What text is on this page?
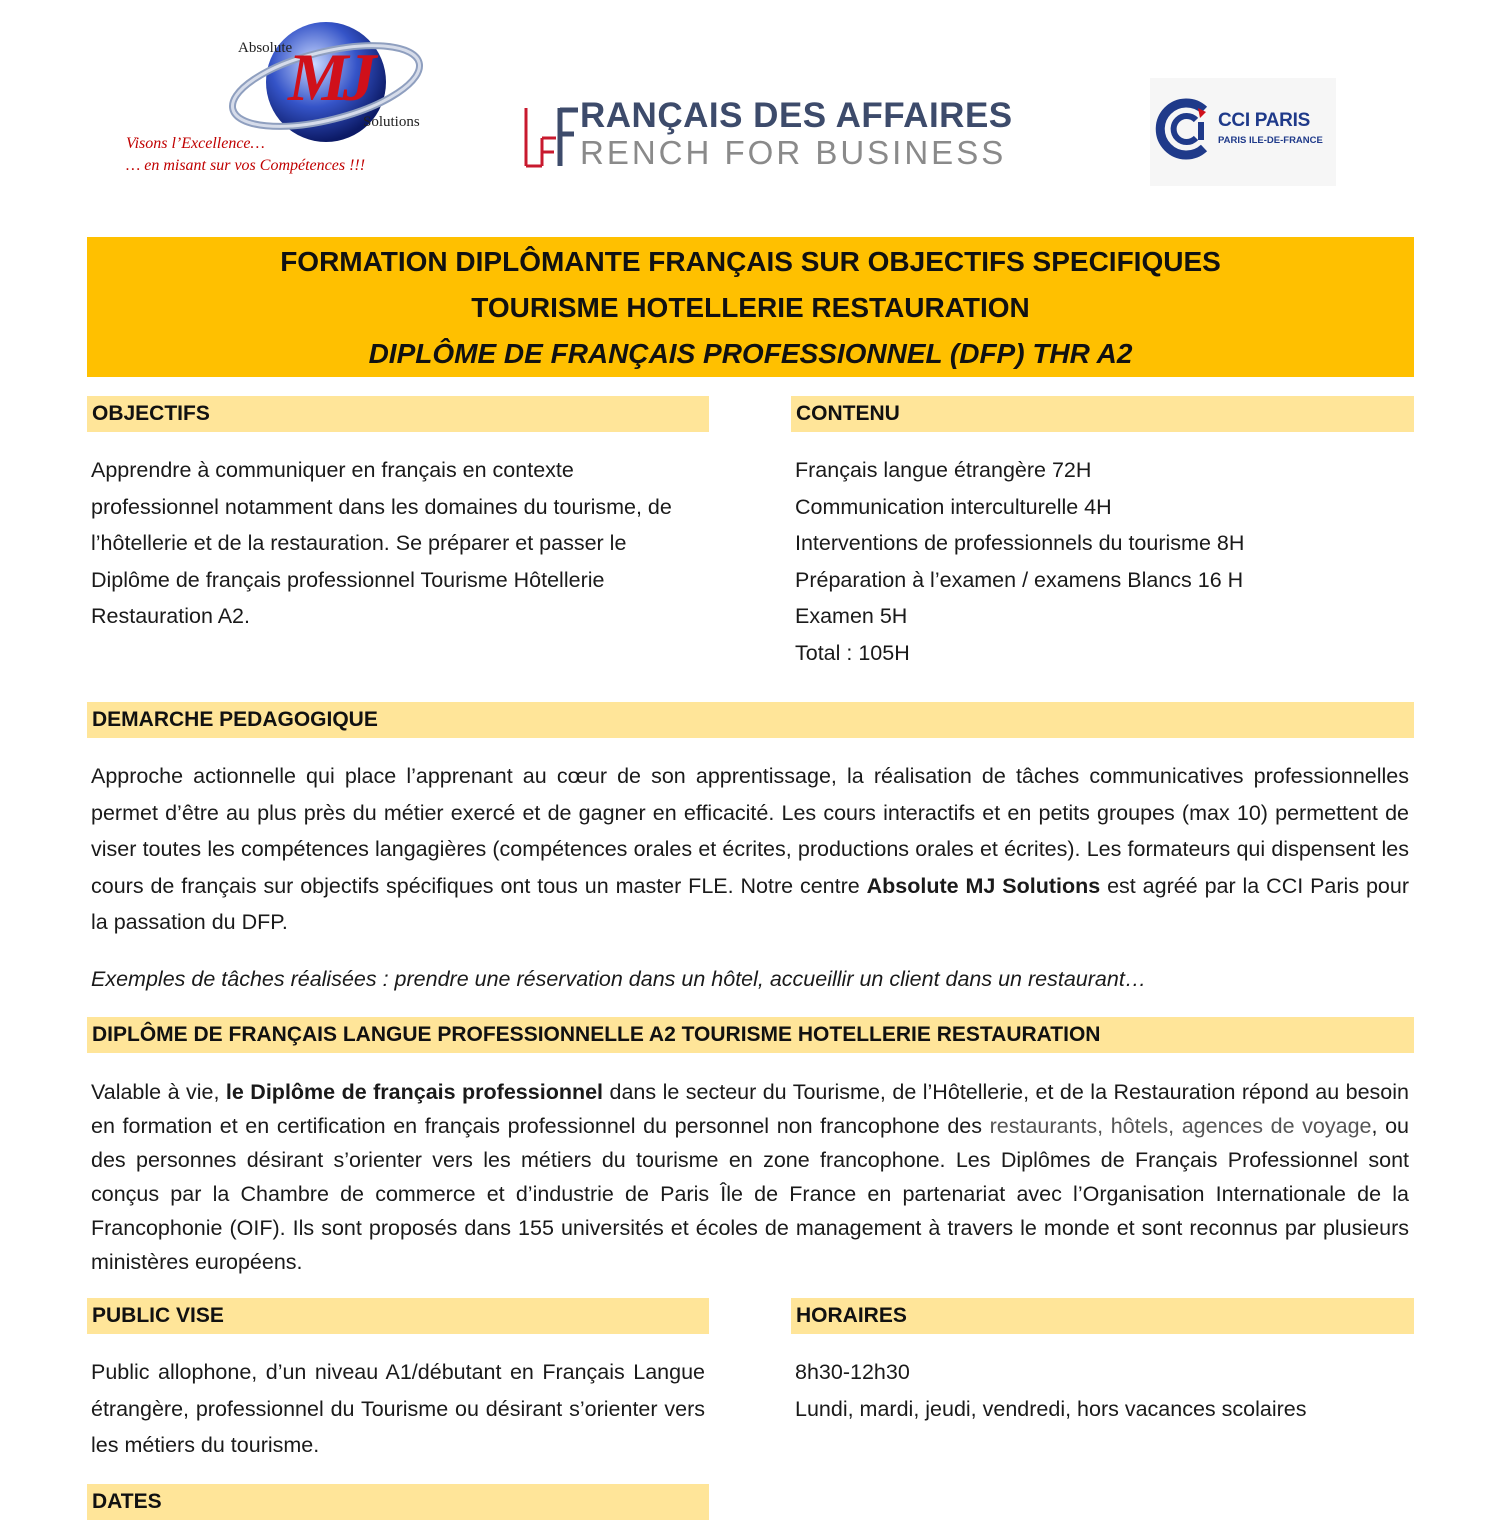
Absolute
MJ
Solutions
Visons l’Excellence…
… en misant sur vos Compétences !!!
RANÇAIS DES AFFAIRES
RENCH FOR BUSINESS
CCI PARIS
PARIS ILE-DE-FRANCE
FORMATION DIPLÔMANTE FRANÇAIS SUR OBJECTIFS SPECIFIQUES
TOURISME HOTELLERIE RESTAURATION
DIPLÔME DE FRANÇAIS PROFESSIONNEL (DFP) THR A2
OBJECTIFS	CONTENU
Apprendre à communiquer en français en contexte professionnel notamment dans les domaines du tourisme, de l’hôtellerie et de la restauration. Se préparer et passer le Diplôme de français professionnel Tourisme Hôtellerie Restauration A2.
Français langue étrangère 72H
Communication interculturelle 4H
Interventions de professionnels du tourisme 8H
Préparation à l’examen / examens Blancs 16 H
Examen 5H
Total : 105H
DEMARCHE PEDAGOGIQUE
Approche actionnelle qui place l’apprenant au cœur de son apprentissage, la réalisation de tâches communicatives professionnelles permet d’être au plus près du métier exercé et de gagner en efficacité. Les cours interactifs et en petits groupes (max 10) permettent de viser toutes les compétences langagières (compétences orales et écrites, productions orales et écrites). Les formateurs qui dispensent les cours de français sur objectifs spécifiques ont tous un master FLE. Notre centre Absolute MJ Solutions est agréé par la CCI Paris pour la passation du DFP.
Exemples de tâches réalisées : prendre une réservation dans un hôtel, accueillir un client dans un restaurant…
DIPLÔME DE FRANÇAIS LANGUE PROFESSIONNELLE A2 TOURISME HOTELLERIE RESTAURATION
Valable à vie, le Diplôme de français professionnel dans le secteur du Tourisme, de l’Hôtellerie, et de la Restauration répond au besoin en formation et en certification en français professionnel du personnel non francophone des restaurants, hôtels, agences de voyage, ou des personnes désirant s’orienter vers les métiers du tourisme en zone francophone. Les Diplômes de Français Professionnel sont conçus par la Chambre de commerce et d’industrie de Paris Île de France en partenariat avec l’Organisation Internationale de la Francophonie (OIF). Ils sont proposés dans 155 universités et écoles de management à travers le monde et sont reconnus par plusieurs ministères européens.
PUBLIC VISE	HORAIRES
Public allophone, d’un niveau A1/débutant en Français Langue étrangère, professionnel du Tourisme ou désirant s’orienter vers les métiers du tourisme.
8h30-12h30
Lundi, mardi, jeudi, vendredi, hors vacances scolaires
DATES
